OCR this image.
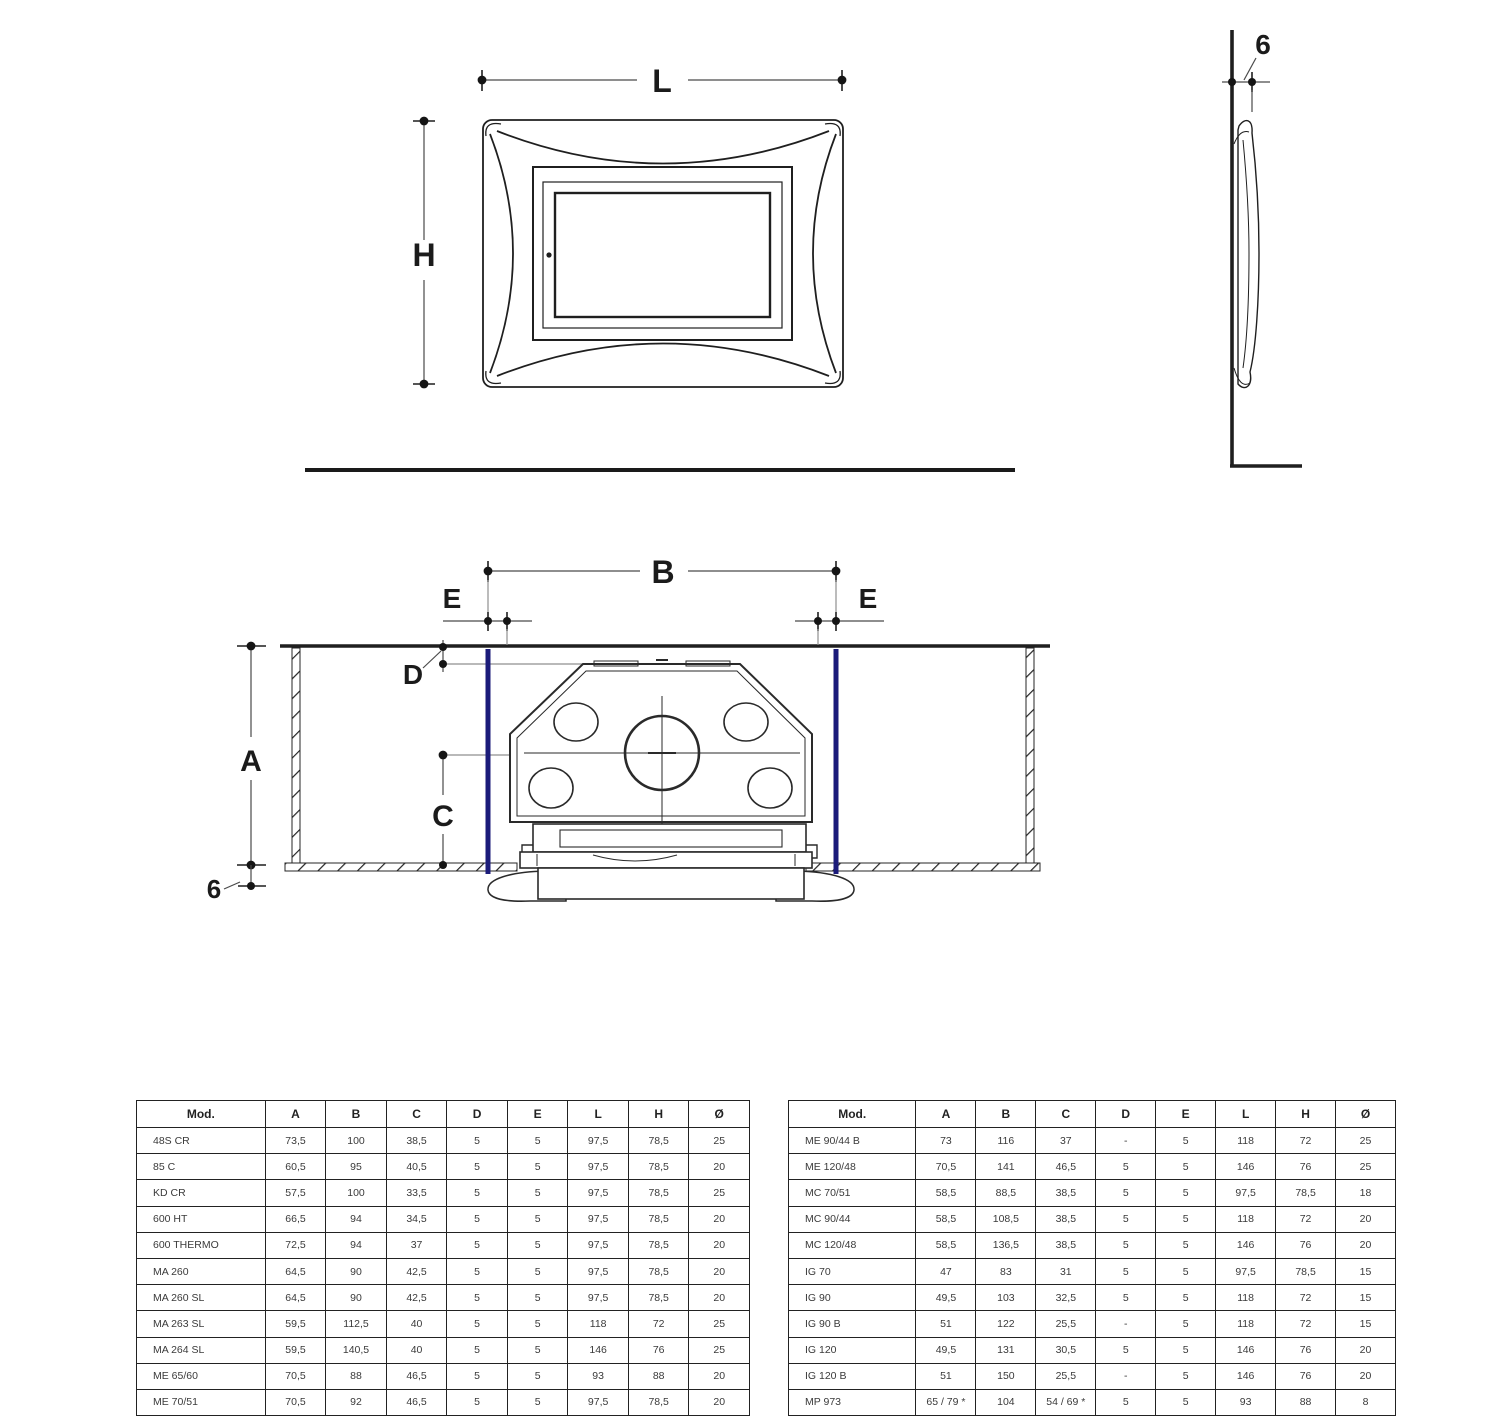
L
H
6
B
E	E
D
A
C
6
Mod.	A	B	C	D	E	L	H	Ø
48S CR	73,5	100	38,5	5	5	97,5	78,5	25
85 C	60,5	95	40,5	5	5	97,5	78,5	20
KD CR	57,5	100	33,5	5	5	97,5	78,5	25
600 HT	66,5	94	34,5	5	5	97,5	78,5	20
600 THERMO	72,5	94	37	5	5	97,5	78,5	20
MA 260	64,5	90	42,5	5	5	97,5	78,5	20
MA 260 SL	64,5	90	42,5	5	5	97,5	78,5	20
MA 263 SL	59,5	112,5	40	5	5	118	72	25
MA 264 SL	59,5	140,5	40	5	5	146	76	25
ME 65/60	70,5	88	46,5	5	5	93	88	20
ME 70/51	70,5	92	46,5	5	5	97,5	78,5	20
Mod.	A	B	C	D	E	L	H	Ø
ME 90/44 B	73	116	37	-	5	118	72	25
ME 120/48	70,5	141	46,5	5	5	146	76	25
MC 70/51	58,5	88,5	38,5	5	5	97,5	78,5	18
MC 90/44	58,5	108,5	38,5	5	5	118	72	20
MC 120/48	58,5	136,5	38,5	5	5	146	76	20
IG 70	47	83	31	5	5	97,5	78,5	15
IG 90	49,5	103	32,5	5	5	118	72	15
IG 90 B	51	122	25,5	-	5	118	72	15
IG 120	49,5	131	30,5	5	5	146	76	20
IG 120 B	51	150	25,5	-	5	146	76	20
MP 973	65 / 79 *	104	54 / 69 *	5	5	93	88	8
